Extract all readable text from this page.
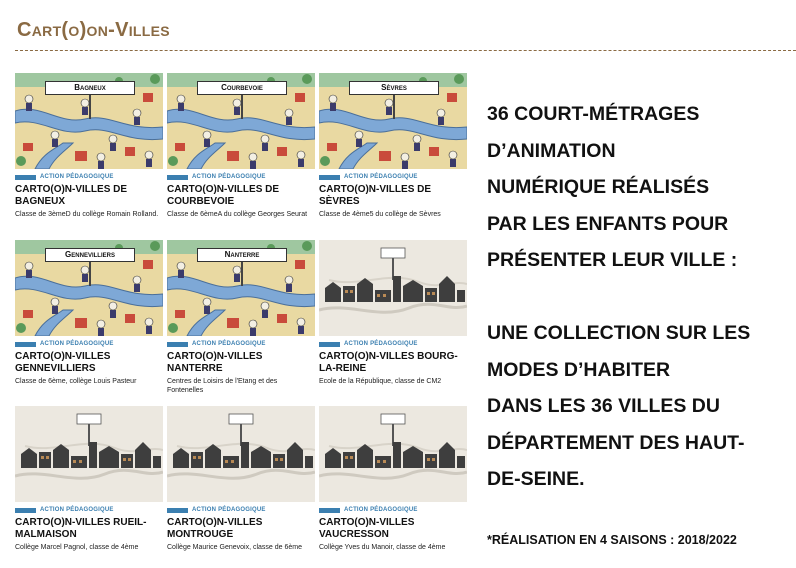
Cart(o)on-Villes
Bagneux
ACTION PÉDAGOGIQUE
CARTO(O)N-VILLES DE BAGNEUX
Classe de 3èmeD du collège Romain Rolland.
Courbevoie
ACTION PÉDAGOGIQUE
CARTO(O)N-VILLES DE COURBEVOIE
Classe de 6èmeA du collège Georges Seurat
Sèvres
ACTION PÉDAGOGIQUE
CARTO(O)N-VILLES DE SÈVRES
Classe de 4ème5 du collège de Sèvres
Gennevilliers
ACTION PÉDAGOGIQUE
CARTO(O)N-VILLES GENNEVILLIERS
Classe de 6ème, collège Louis Pasteur
Nanterre
ACTION PÉDAGOGIQUE
CARTO(O)N-VILLES NANTERRE
Centres de Loisirs de l'Etang et des Fontenelles
ACTION PÉDAGOGIQUE
CARTO(O)N-VILLES BOURG-LA-REINE
Ecole de la République, classe de CM2
ACTION PÉDAGOGIQUE
CARTO(O)N-VILLES RUEIL-MALMAISON
Collège Marcel Pagnol, classe de 4ème
ACTION PÉDAGOGIQUE
CARTO(O)N-VILLES MONTROUGE
Collège Maurice Genevoix, classe de 6ème
ACTION PÉDAGOGIQUE
CARTO(O)N-VILLES VAUCRESSON
Collège Yves du Manoir, classe de 4ème
36 COURT-MÉTRAGES
D’ANIMATION
NUMÉRIQUE RÉALISÉS
PAR LES ENFANTS POUR
PRÉSENTER LEUR VILLE :

UNE COLLECTION SUR LES
MODES D’HABITER
DANS LES 36 VILLES DU
DÉPARTEMENT DES HAUT-
DE-SEINE.
*RÉALISATION EN 4 SAISONS : 2018/2022
